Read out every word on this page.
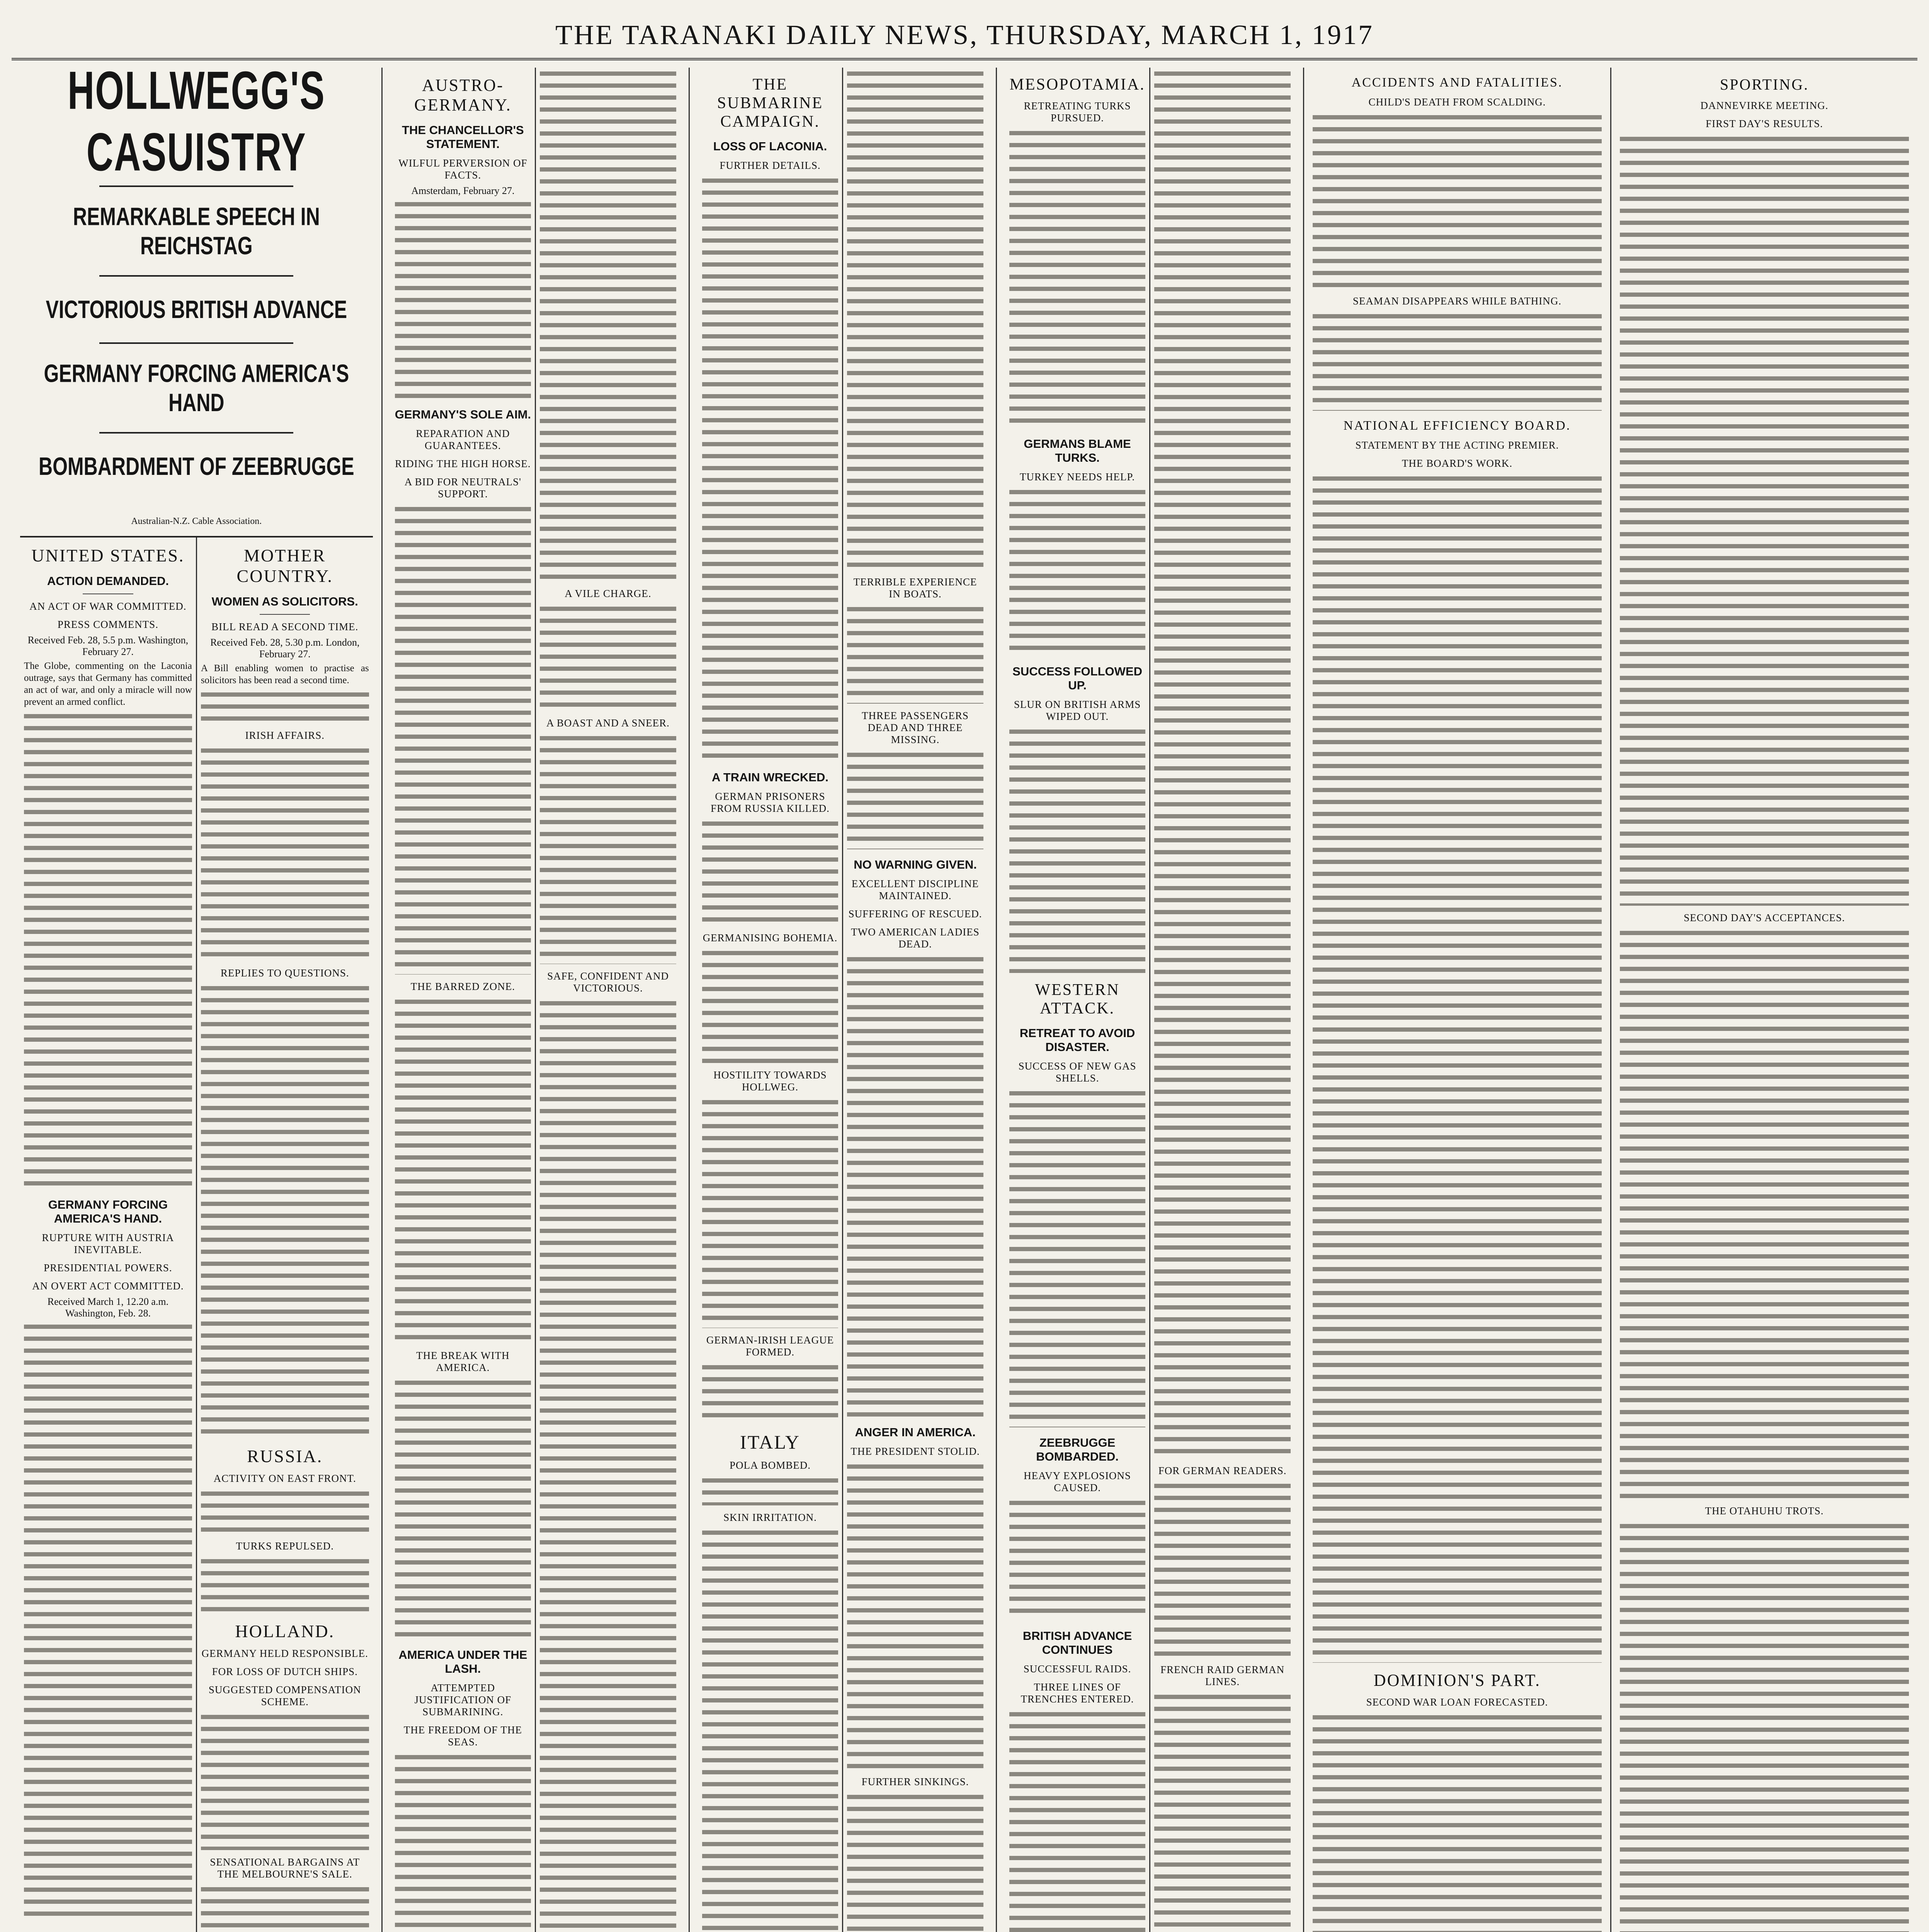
THE TARANAKI DAILY NEWS, THURSDAY, MARCH 1, 1917
HOLLWEGG'S CASUISTRY
REMARKABLE SPEECH IN REICHSTAG
VICTORIOUS BRITISH ADVANCE
GERMANY FORCING AMERICA'S HAND
BOMBARDMENT OF ZEEBRUGGE
Australian-N.Z. Cable Association.
UNITED STATES.
ACTION DEMANDED.
AN ACT OF WAR COMMITTED.
PRESS COMMENTS.
Received Feb. 28, 5.5 p.m. Washington, February 27.

The Globe, commenting on the Laconia outrage, says that Germany has committed an act of war, and only a miracle will now prevent an armed conflict.

GERMANY FORCING AMERICA'S HAND.
RUPTURE WITH AUSTRIA INEVITABLE.
PRESIDENTIAL POWERS.
AN OVERT ACT COMMITTED.
Received March 1, 12.20 a.m. Washington, Feb. 28.
MOTHER COUNTRY.
WOMEN AS SOLICITORS.
BILL READ A SECOND TIME.
Received Feb. 28, 5.30 p.m. London, February 27.

A Bill enabling women to practise as solicitors has been read a second time.

IRISH AFFAIRS.
REPLIES TO QUESTIONS.
RUSSIA.
ACTIVITY ON EAST FRONT.
TURKS REPULSED.
HOLLAND.
GERMANY HELD RESPONSIBLE.
FOR LOSS OF DUTCH SHIPS.
SUGGESTED COMPENSATION SCHEME.
SENSATIONAL BARGAINS AT THE MELBOURNE'S SALE.
AUSTRO-GERMANY.
THE CHANCELLOR'S STATEMENT.
WILFUL PERVERSION OF FACTS.
Amsterdam, February 27.
GERMANY'S SOLE AIM.
REPARATION AND GUARANTEES.
RIDING THE HIGH HORSE.
A BID FOR NEUTRALS' SUPPORT.
THE BARRED ZONE.
THE BREAK WITH AMERICA.
AMERICA UNDER THE LASH.
ATTEMPTED JUSTIFICATION OF SUBMARINING.
THE FREEDOM OF THE SEAS.
A VILE CHARGE.
A BOAST AND A SNEER.
SAFE, CONFIDENT AND VICTORIOUS.
THE SUBMARINE CAMPAIGN.
LOSS OF LACONIA.
FURTHER DETAILS.
A TRAIN WRECKED.
GERMAN PRISONERS FROM RUSSIA KILLED.
GERMANISING BOHEMIA.
HOSTILITY TOWARDS HOLLWEG.
GERMAN-IRISH LEAGUE FORMED.
ITALY
POLA BOMBED.
SKIN IRRITATION.
TERRIBLE EXPERIENCE IN BOATS.
THREE PASSENGERS DEAD AND THREE MISSING.
NO WARNING GIVEN.
EXCELLENT DISCIPLINE MAINTAINED.
SUFFERING OF RESCUED.
TWO AMERICAN LADIES DEAD.
ANGER IN AMERICA.
THE PRESIDENT STOLID.
FURTHER SINKINGS.
MESOPOTAMIA.
RETREATING TURKS PURSUED.
GERMANS BLAME TURKS.
TURKEY NEEDS HELP.
SUCCESS FOLLOWED UP.
SLUR ON BRITISH ARMS WIPED OUT.
WESTERN ATTACK.
RETREAT TO AVOID DISASTER.
SUCCESS OF NEW GAS SHELLS.
ZEEBRUGGE BOMBARDED.
HEAVY EXPLOSIONS CAUSED.
BRITISH ADVANCE CONTINUES
SUCCESSFUL RAIDS.
THREE LINES OF TRENCHES ENTERED.
FOR GERMAN READERS.
FRENCH RAID GERMAN LINES.
ACCIDENTS AND FATALITIES.
CHILD'S DEATH FROM SCALDING.
SEAMAN DISAPPEARS WHILE BATHING.
NATIONAL EFFICIENCY BOARD.
STATEMENT BY THE ACTING PREMIER.
THE BOARD'S WORK.
DOMINION'S PART.
SECOND WAR LOAN FORECASTED.
SPORTING.
DANNEVIRKE MEETING.
FIRST DAY'S RESULTS.
SECOND DAY'S ACCEPTANCES.
THE OTAHUHU TROTS.
